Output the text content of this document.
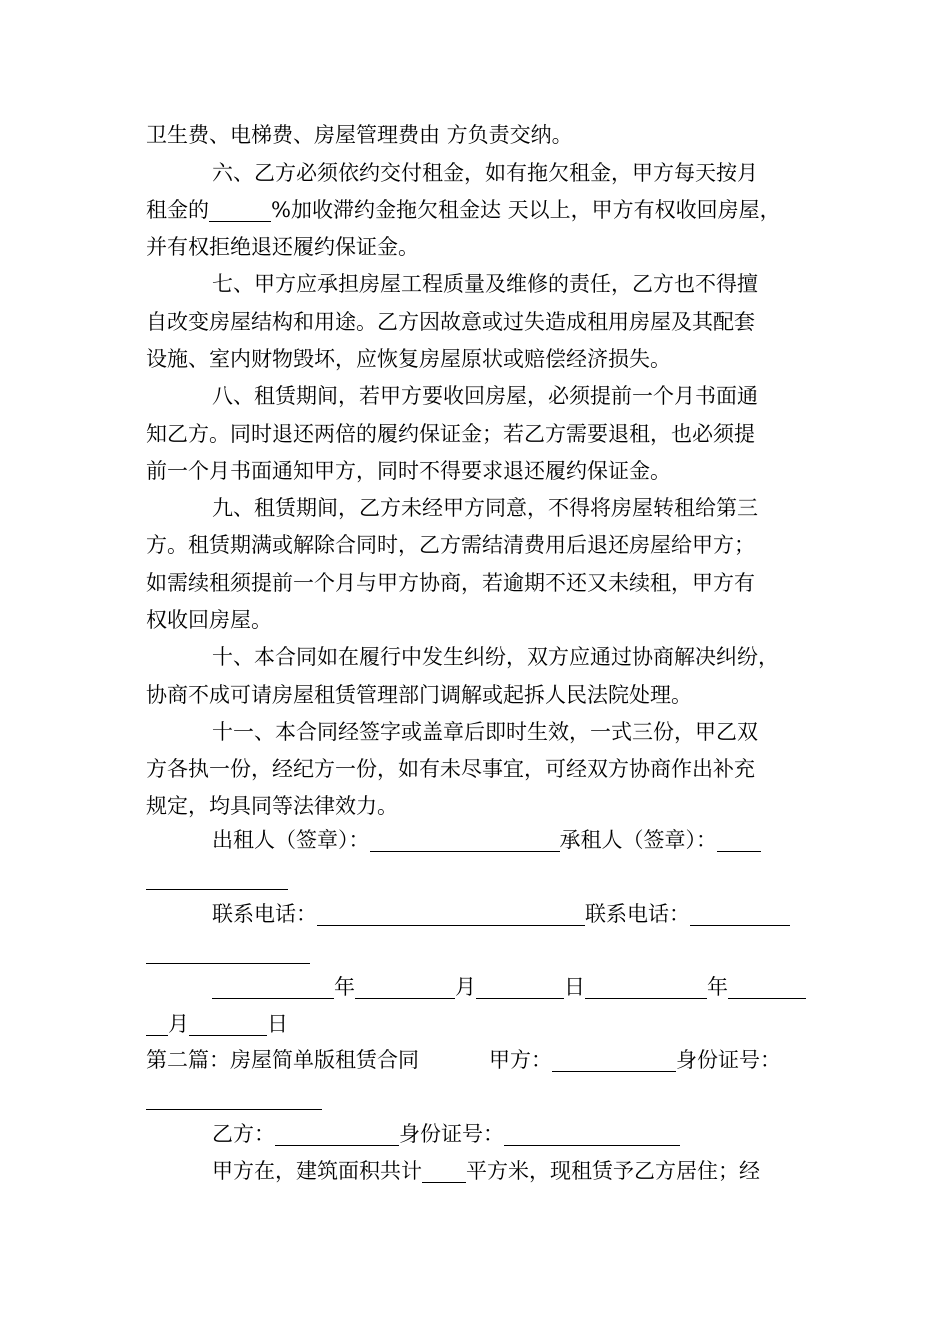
卫生费、电梯费、房屋管理费由 方负责交纳。
六、乙方必须依约交付租金，如有拖欠租金，甲方每天按月
租金的	%加收滞约金拖欠租金达 天以上，甲方有权收回房屋，
并有权拒绝退还履约保证金。
七、甲方应承担房屋工程质量及维修的责任，乙方也不得擅
自改变房屋结构和用途。乙方因故意或过失造成租用房屋及其配套
设施、室内财物毁坏，应恢复房屋原状或赔偿经济损失。
八、租赁期间，若甲方要收回房屋，必须提前一个月书面通
知乙方。同时退还两倍的履约保证金；若乙方需要退租，也必须提
前一个月书面通知甲方，同时不得要求退还履约保证金。
九、租赁期间，乙方未经甲方同意，不得将房屋转租给第三
方。租赁期满或解除合同时，乙方需结清费用后退还房屋给甲方；
如需续租须提前一个月与甲方协商，若逾期不还又未续租，甲方有
权收回房屋。
十、本合同如在履行中发生纠纷，双方应通过协商解决纠纷，
协商不成可请房屋租赁管理部门调解或起拆人民法院处理。
十一、本合同经签字或盖章后即时生效，一式三份，甲乙双
方各执一份，经纪方一份，如有未尽事宜，可经双方协商作出补充
规定，均具同等法律效力。
出租人（签章）：	承租人（签章）：
联系电话：	联系电话：
年	月	日	年
月	日
第二篇：房屋简单版租赁合同	甲方：	身份证号：
乙方：	身份证号：
甲方在，建筑面积共计 平方米，现租赁予乙方居住；经
